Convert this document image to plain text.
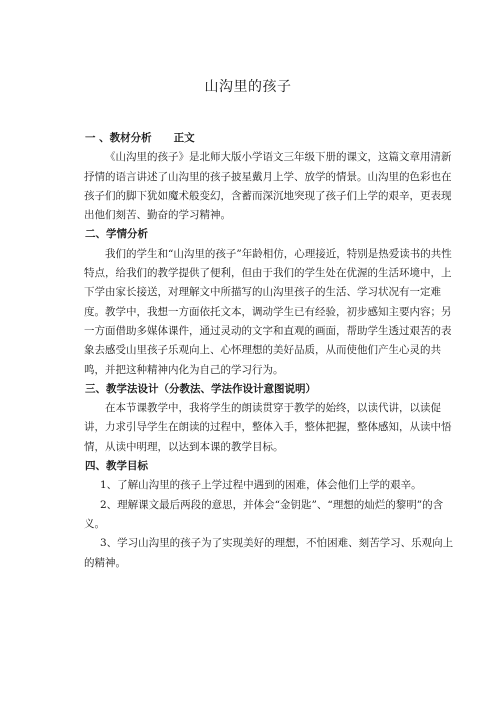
山沟里的孩子

一 、教材分析 正文

《山沟里的孩子》是北师大版小学语文三年级下册的课文，这篇文章用清新抒情的语言讲述了山沟里的孩子披星戴月上学、放学的情景。山沟里的色彩也在孩子们的脚下犹如魔术般变幻，含蓄而深沉地突现了孩子们上学的艰辛，更表现出他们刻苦、勤奋的学习精神。

二、学情分析

我们的学生和“山沟里的孩子”年龄相仿，心理接近，特别是热爱读书的共性特点，给我们的教学提供了便利，但由于我们的学生处在优渥的生活环境中，上下学由家长接送，对理解文中所描写的山沟里孩子的生活、学习状况有一定难度。教学中，我想一方面依托文本，调动学生已有经验，初步感知主要内容；另一方面借助多媒体课件，通过灵动的文字和直观的画面，帮助学生透过艰苦的表象去感受山里孩子乐观向上、心怀理想的美好品质，从而使他们产生心灵的共鸣，并把这种精神内化为自己的学习行为。

三、教学法设计（分教法、学法作设计意图说明）

在本节课教学中，我将学生的朗读贯穿于教学的始终，以读代讲，以读促讲，力求引导学生在朗读的过程中，整体入手，整体把握，整体感知，从读中悟情，从读中明理，以达到本课的教学目标。

四、教学目标

1、了解山沟里的孩子上学过程中遇到的困难，体会他们上学的艰辛。

2、理解课文最后两段的意思，并体会“金钥匙”、“理想的灿烂的黎明”的含义。

3、学习山沟里的孩子为了实现美好的理想，不怕困难、刻苦学习、乐观向上的精神。
